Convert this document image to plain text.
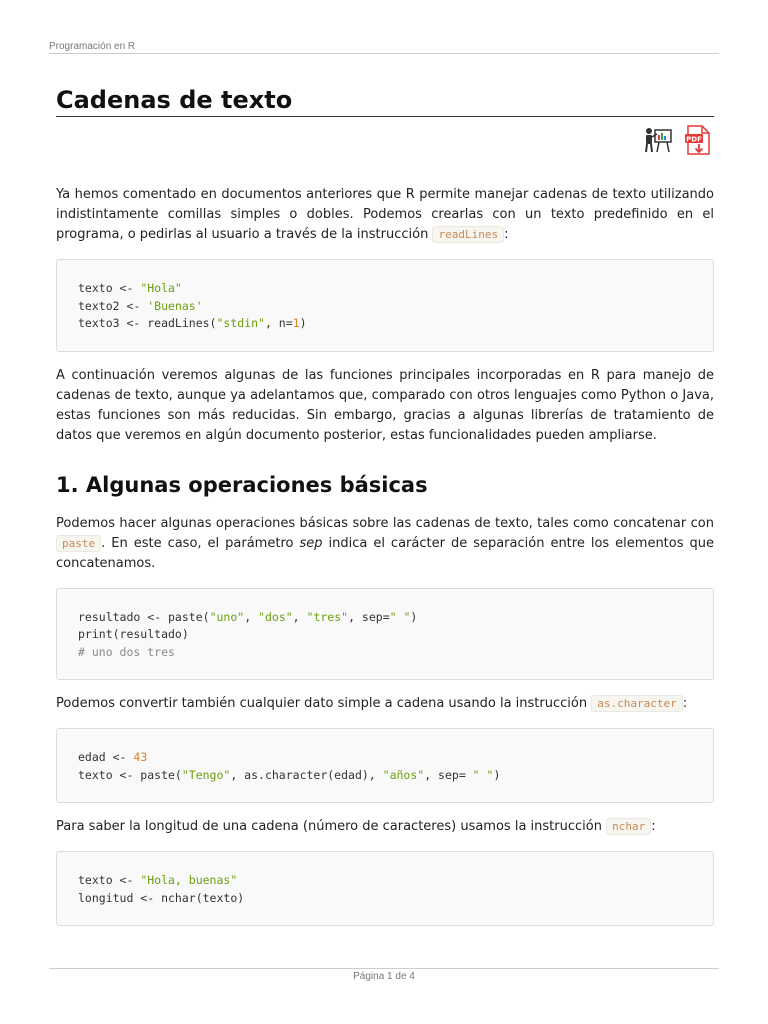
Programación en R
Cadenas de texto
PDF

Ya hemos comentado en documentos anteriores que R permite manejar cadenas de texto utilizando indistintamente comillas simples o dobles. Podemos crearlas con un texto predefinido en el programa, o pedirlas al usuario a través de la instrucción readLines :

texto <- "Hola"
texto2 <- 'Buenas'
texto3 <- readLines("stdin", n=1)

A continuación veremos algunas de las funciones principales incorporadas en R para manejo de cadenas de texto, aunque ya adelantamos que, comparado con otros lenguajes como Python o Java, estas funciones son más reducidas. Sin embargo, gracias a algunas librerías de tratamiento de datos que veremos en algún documento posterior, estas funcionalidades pueden ampliarse.

1. Algunas operaciones básicas

Podemos hacer algunas operaciones básicas sobre las cadenas de texto, tales como concatenar con paste . En este caso, el parámetro sep indica el carácter de separación entre los elementos que concatenamos.

resultado <- paste("uno", "dos", "tres", sep=" ")
print(resultado)
# uno dos tres

Podemos convertir también cualquier dato simple a cadena usando la instrucción as.character :

edad <- 43
texto <- paste("Tengo", as.character(edad), "años", sep= " ")

Para saber la longitud de una cadena (número de caracteres) usamos la instrucción nchar :

texto <- "Hola, buenas"
longitud <- nchar(texto)
Página 1 de 4
